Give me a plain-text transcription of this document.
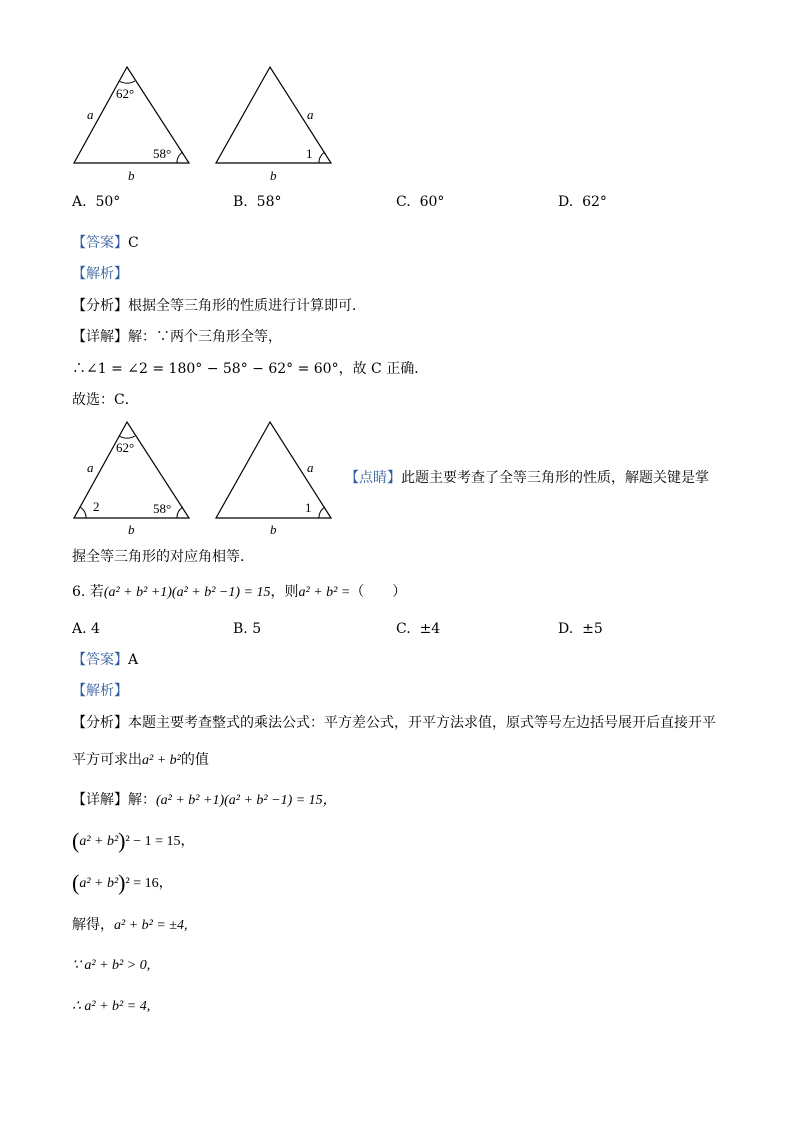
62°
58°
a
b
1
a
b
A. 50°	B. 58°	C. 60°	D. 62°
【答案】C
【解析】
【分析】根据全等三角形的性质进行计算即可．
【详解】解：∵两个三角形全等，
∴∠1 = ∠2 = 180° − 58° − 62° = 60°，故 C 正确．
故选：C．
62°
58°
2
a
b
1
a
b
【点睛】此题主要考查了全等三角形的性质，解题关键是掌
握全等三角形的对应角相等．
6. 若(a² + b² +1)(a² + b² −1) = 15，则a² + b² =（　　）
A. 4	B. 5	C. ±4	D. ±5
【答案】A
【解析】
【分析】本题主要考查整式的乘法公式：平方差公式，开平方法求值，原式等号左边括号展开后直接开平
平方可求出a² + b²的值
【详解】解：(a² + b² +1)(a² + b² −1) = 15，
(a² + b²)² − 1 = 15，
(a² + b²)² = 16，
解得，a² + b² = ±4,
∵ a² + b² > 0,
∴ a² + b² = 4,
